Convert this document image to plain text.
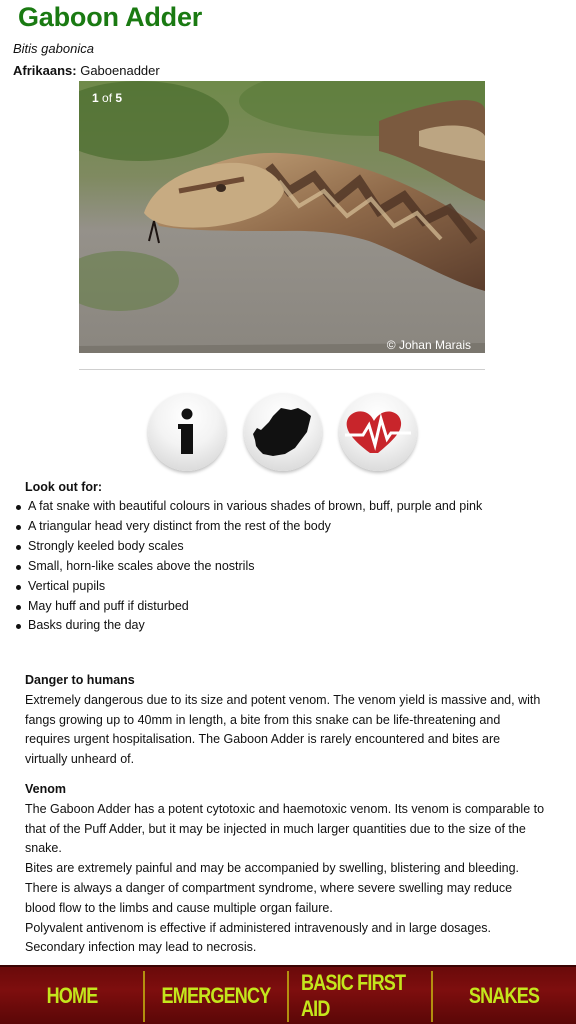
Gaboon Adder
Bitis gabonica
Afrikaans: Gaboenadder
1 of 5
© Johan Marais
Look out for:
A fat snake with beautiful colours in various shades of brown, buff, purple and pink
A triangular head very distinct from the rest of the body
Strongly keeled body scales
Small, horn-like scales above the nostrils
Vertical pupils
May huff and puff if disturbed
Basks during the day
Danger to humans
Extremely dangerous due to its size and potent venom. The venom yield is massive and, with fangs growing up to 40mm in length, a bite from this snake can be life-threatening and requires urgent hospitalisation. The Gaboon Adder is rarely encountered and bites are virtually unheard of.
Venom
The Gaboon Adder has a potent cytotoxic and haemotoxic venom. Its venom is comparable to that of the Puff Adder, but it may be injected in much larger quantities due to the size of the snake.
Bites are extremely painful and may be accompanied by swelling, blistering and bleeding. There is always a danger of compartment syndrome, where severe swelling may reduce blood flow to the limbs and cause multiple organ failure.
Polyvalent antivenom is effective if administered intravenously and in large dosages. Secondary infection may lead to necrosis.
HOME	EMERGENCY
BASIC FIRST AID
SNAKES
